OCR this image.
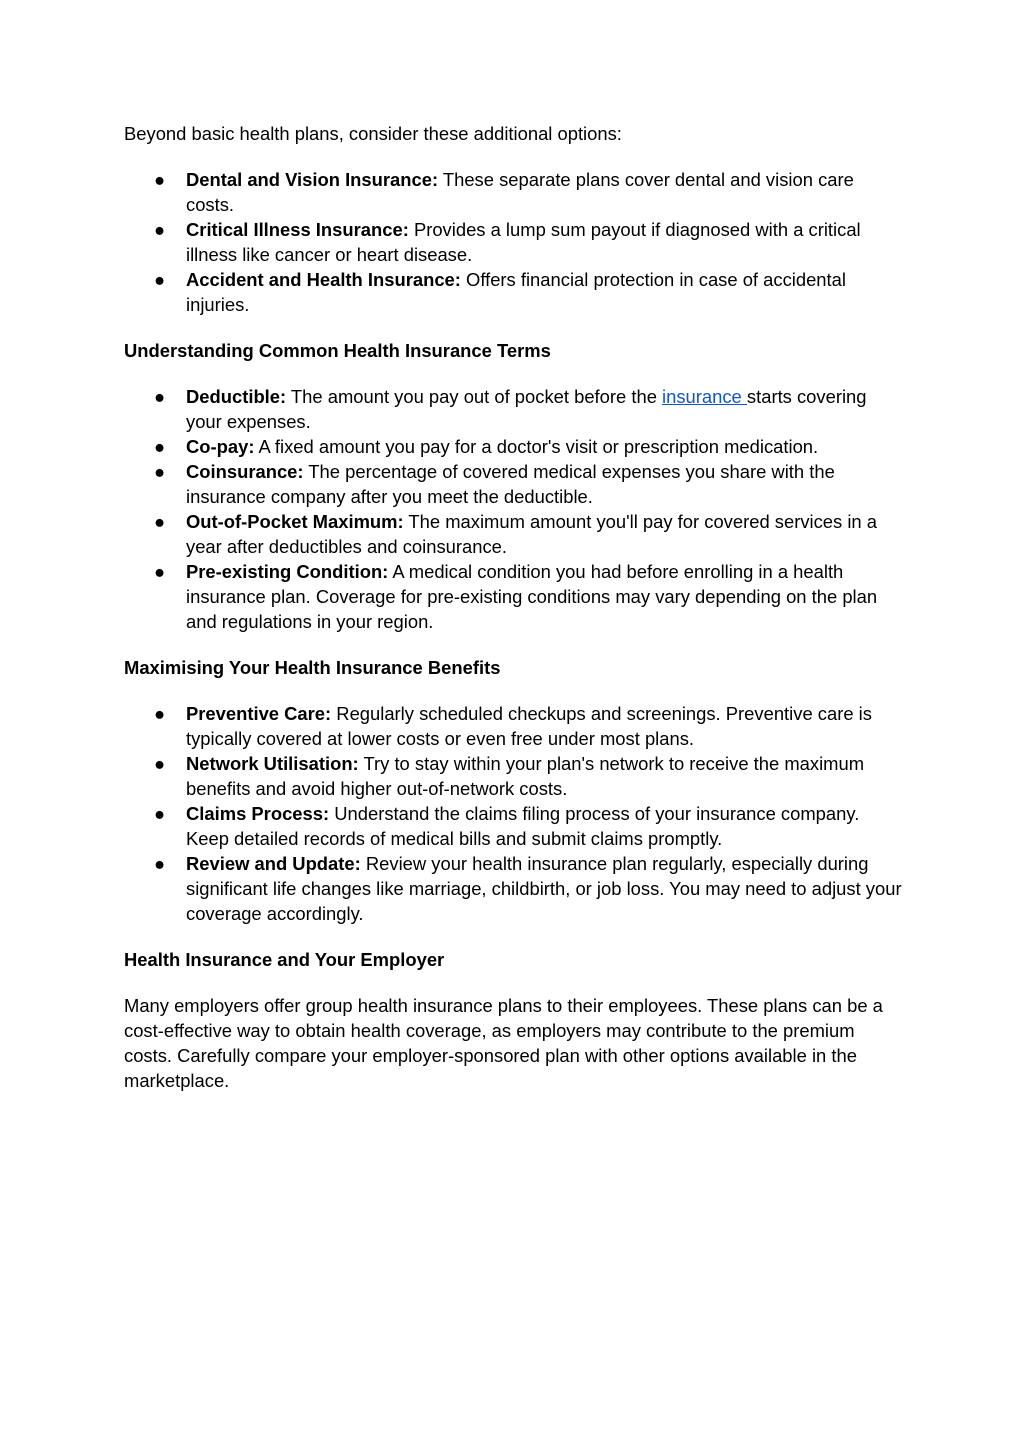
Beyond basic health plans, consider these additional options:

● Dental and Vision Insurance: These separate plans cover dental and vision care costs.
● Critical Illness Insurance: Provides a lump sum payout if diagnosed with a critical illness like cancer or heart disease.
● Accident and Health Insurance: Offers financial protection in case of accidental injuries.
Understanding Common Health Insurance Terms
● Deductible: The amount you pay out of pocket before the insurance starts covering your expenses.
● Co-pay: A fixed amount you pay for a doctor's visit or prescription medication.
● Coinsurance: The percentage of covered medical expenses you share with the insurance company after you meet the deductible.
● Out-of-Pocket Maximum: The maximum amount you'll pay for covered services in a year after deductibles and coinsurance.
● Pre-existing Condition: A medical condition you had before enrolling in a health insurance plan. Coverage for pre-existing conditions may vary depending on the plan and regulations in your region.
Maximising Your Health Insurance Benefits
● Preventive Care: Regularly scheduled checkups and screenings. Preventive care is typically covered at lower costs or even free under most plans.
● Network Utilisation: Try to stay within your plan's network to receive the maximum benefits and avoid higher out-of-network costs.
● Claims Process: Understand the claims filing process of your insurance company. Keep detailed records of medical bills and submit claims promptly.
● Review and Update: Review your health insurance plan regularly, especially during significant life changes like marriage, childbirth, or job loss. You may need to adjust your coverage accordingly.
Health Insurance and Your Employer

Many employers offer group health insurance plans to their employees. These plans can be a cost-effective way to obtain health coverage, as employers may contribute to the premium costs. Carefully compare your employer-sponsored plan with other options available in the marketplace.
